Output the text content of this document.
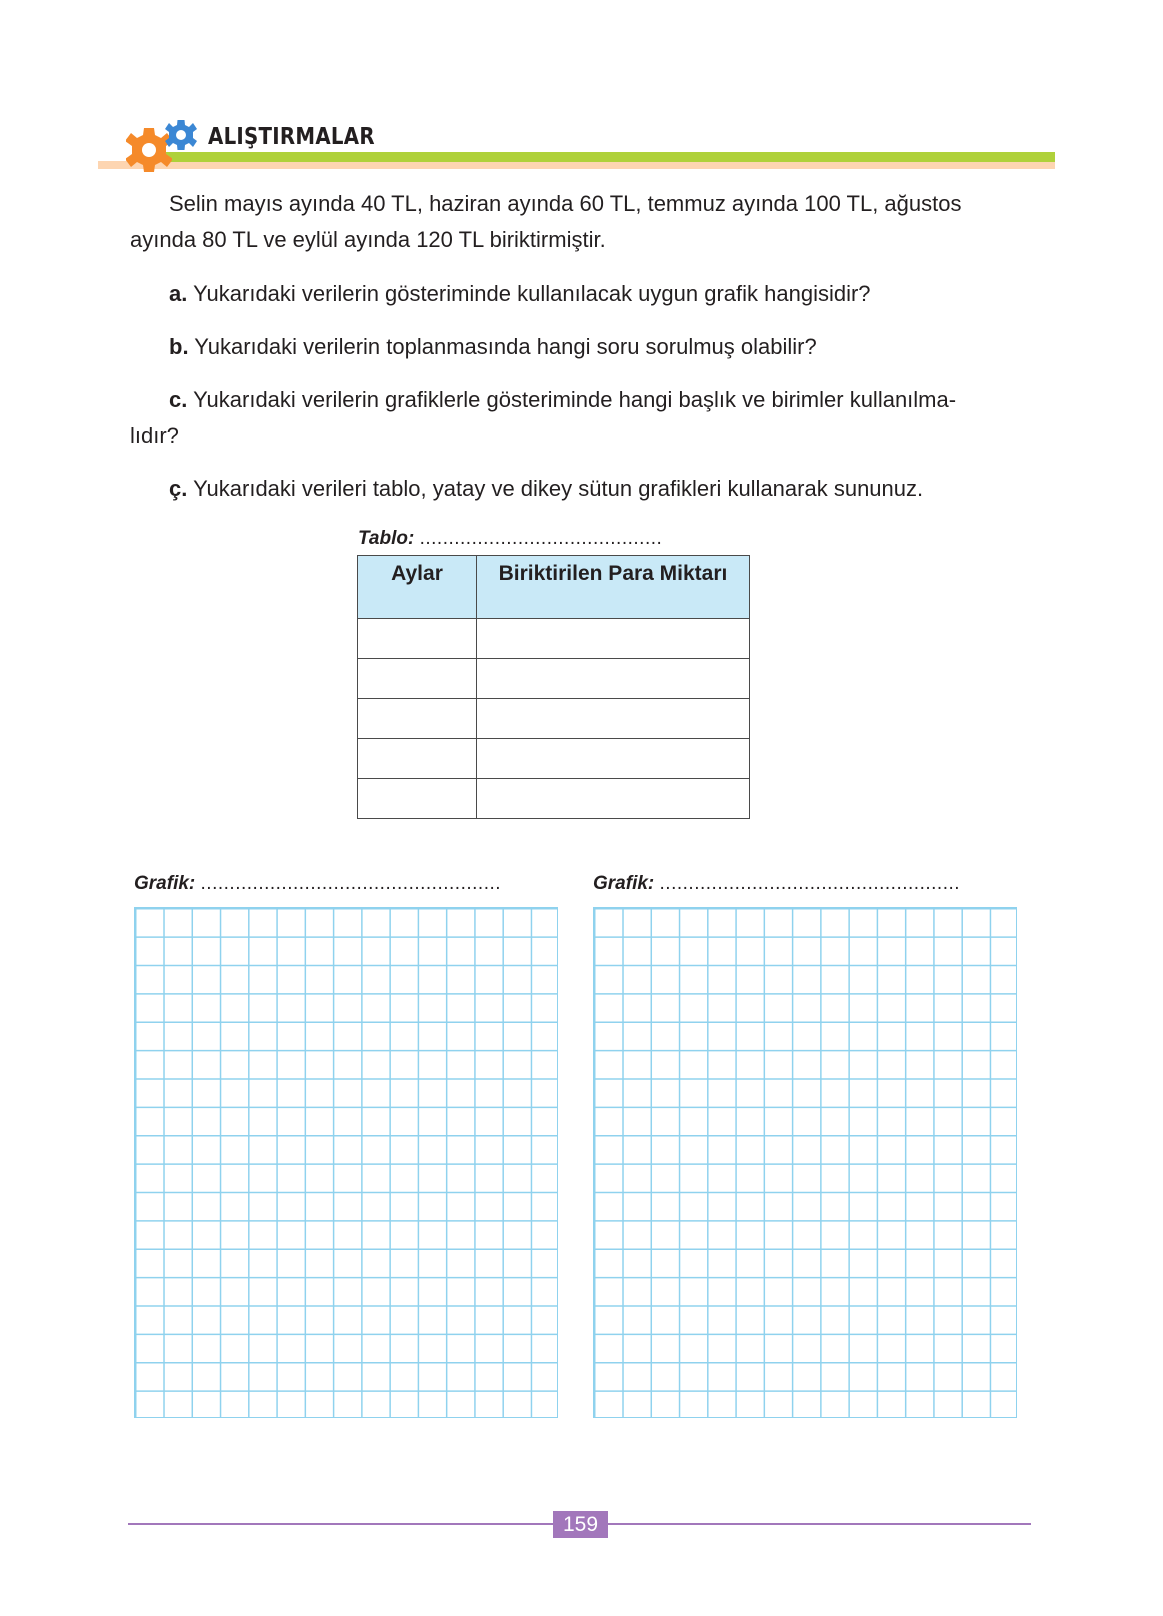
ALIŞTIRMALAR
Selin mayıs ayında 40 TL, haziran ayında 60 TL, temmuz ayında 100 TL, ağustos
ayında 80 TL ve eylül ayında 120 TL biriktirmiştir.
a. Yukarıdaki verilerin gösteriminde kullanılacak uygun grafik hangisidir?
b. Yukarıdaki verilerin toplanmasında hangi soru sorulmuş olabilir?
c. Yukarıdaki verilerin grafiklerle gösteriminde hangi başlık ve birimler kullanılma-
lıdır?
ç. Yukarıdaki verileri tablo, yatay ve dikey sütun grafikleri kullanarak sununuz.
Tablo: ..........................................
Aylar	Biriktirilen Para Miktarı

Grafik: ....................................................	Grafik: ....................................................
159
